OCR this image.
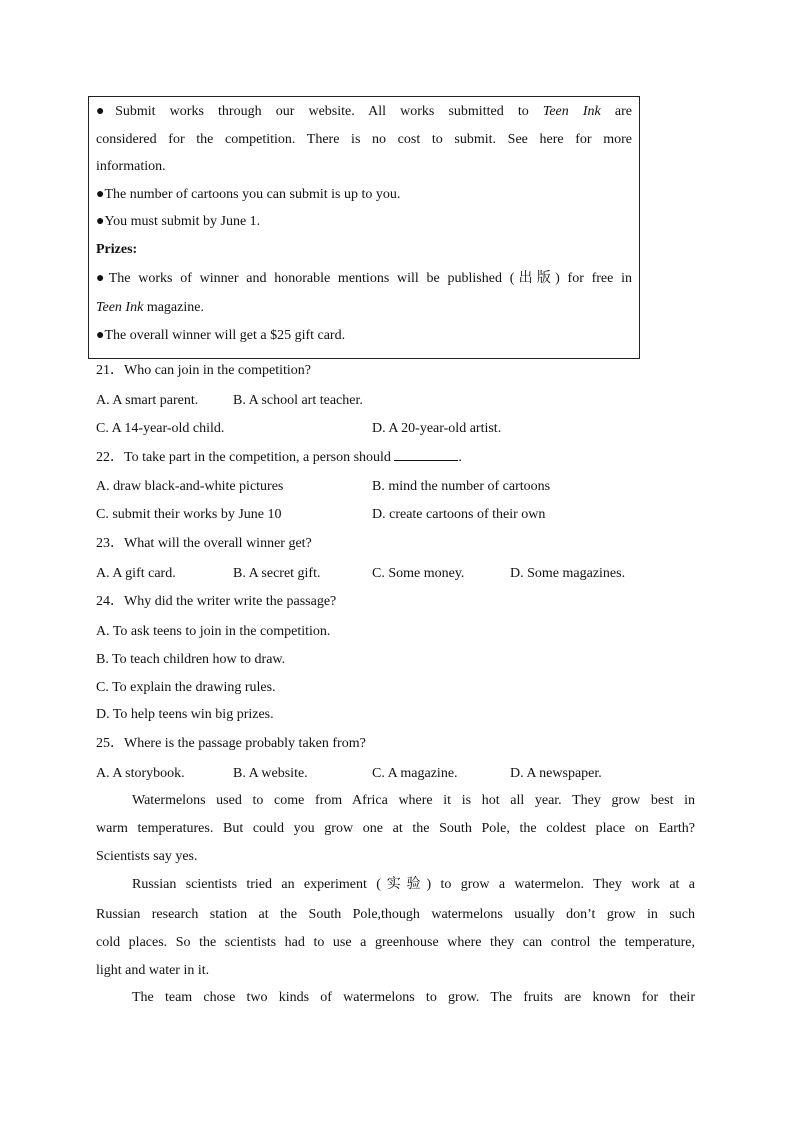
●Submit works through our website. All works submitted to Teen Ink are
considered for the competition. There is no cost to submit. See here for more
information.
●The number of cartoons you can submit is up to you.
●You must submit by June 1.
Prizes:
●The works of winner and honorable mentions will be published (出版) for free in
Teen Ink magazine.
●The overall winner will get a $25 gift card.
21．Who can join in the competition?
A. A smart parent. B. A school art teacher.
C. A 14-year-old child.	D. A 20-year-old artist.
22．To take part in the competition, a person should	.
A. draw black-and-white pictures	B. mind the number of cartoons
C. submit their works by June 10	D. create cartoons of their own
23．What will the overall winner get?
A. A gift card.	B. A secret gift.	C. Some money.	D. Some magazines.
24．Why did the writer write the passage?
A. To ask teens to join in the competition.
B. To teach children how to draw.
C. To explain the drawing rules.
D. To help teens win big prizes.
25．Where is the passage probably taken from?
A. A storybook.	B. A website.	C. A magazine.	D. A newspaper.
Watermelons used to come from Africa where it is hot all year. They grow best in
warm temperatures. But could you grow one at the South Pole, the coldest place on Earth?
Scientists say yes.
Russian scientists tried an experiment (实验) to grow a watermelon. They work at a
Russian research station at the South Pole,though watermelons usually don’t grow in such
cold places. So the scientists had to use a greenhouse where they can control the temperature,
light and water in it.
The team chose two kinds of watermelons to grow. The fruits are known for their
